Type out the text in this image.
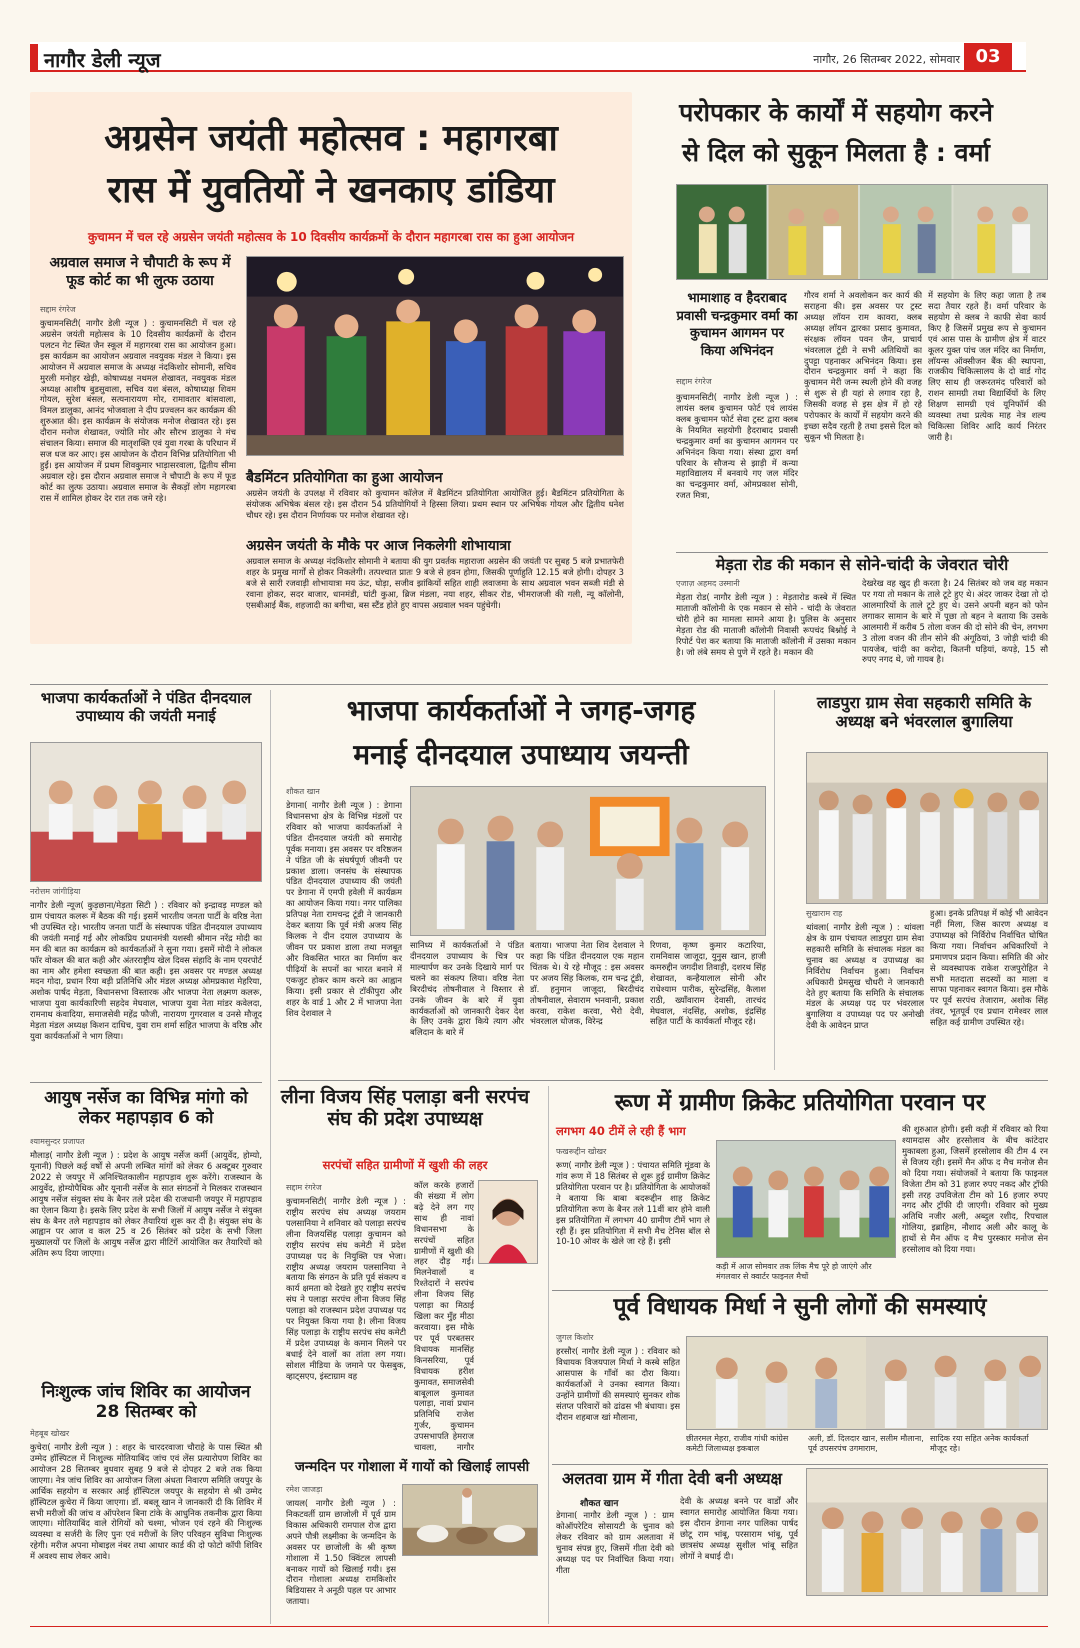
नागौर डेली न्यूज	नागौर, 26 सितम्बर 2022, सोमवार 03
अग्रसेन जयंती महोत्सव : महागरबा
रास में युवतियों ने खनकाए डांडिया
कुचामन में चल रहे अग्रसेन जयंती महोत्सव के 10 दिवसीय कार्यक्रमों के दौरान महागरबा रास का हुआ आयोजन
अग्रवाल समाज ने चौपाटी के रूप में फूड कोर्ट का भी लुत्फ उठाया
सद्दाम रंगरेज
कुचामनसिटी( नागौर डेली न्यूज ) : कुचामनसिटी में चल रहे अग्रसेन जयंती महोत्सव के 10 दिवसीय कार्यक्रमों के दौरान पलटन गेट स्थित जैन स्कूल में महागरबा रास का आयोजन हुआ। इस कार्यक्रम का आयोजन अग्रवाल नवयुवक मंडल ने किया। इस आयोजन में अग्रवाल समाज के अध्यक्ष नंदकिशोर सोमानी, सचिव मुरली मनोहर खेड़ी, कोषाध्यक्ष नथमल शेखावत, नवयुवक मंडल अध्यक्ष आशीष बुडसुवाला, सचिव यश बंसल, कोषाध्यक्ष शिवम गोयल, सुरेश बंसल, सत्यनारायण मोर, रामावतार बांसवाला, विमल डालुका, आनंद भोजवाला ने दीप प्रज्वलन कर कार्यक्रम की शुरुआत की। इस कार्यक्रम के संयोजक मनोज शेखावत रहे। इस दौरान मनोज शेखावत, ज्योति मोर और सौरभ डालुका ने मंच संचालन किया। समाज की मातृशक्ति एवं युवा गरबा के परिधान में सज धज कर आए। इस आयोजन के दौरान विभिन्न प्रतियोगिता भी हुईं। इस आयोजन में प्रथम शिवकुमार भाड़ासरवाला, द्वितीय सीमा अग्रवाल रहे। इस दौरान अग्रवाल समाज ने चौपाटी के रूप में फूड कोर्ट का लुत्फ उठाया। अग्रवाल समाज के सैकड़ों लोग महागरबा रास में शामिल होकर देर रात तक जमे रहे।
बैडमिंटन प्रतियोगिता का हुआ आयोजन
अग्रसेन जयंती के उपलक्ष में रविवार को कुचामन कॉलेज में बैडमिंटन प्रतियोगिता आयोजित हुई। बैडमिंटन प्रतियोगिता के संयोजक अभिषेक बंसल रहे। इस दौरान 54 प्रतियोगियों ने हिस्सा लिया। प्रथम स्थान पर अभिषेक गोयल और द्वितीय धनेश चौधर रहे। इस दौरान निर्णायक पर मनोज शेखावत रहे।
अग्रसेन जयंती के मौके पर आज निकलेगी शोभायात्रा
अग्रवाल समाज के अध्यक्ष नंदकिशोर सोमानी ने बताया की युग प्रवर्तक महाराजा अग्रसेन की जयंती पर सुबह 5 बजे प्रभातफेरी शहर के प्रमुख मार्गों से होकर निकलेगी। तत्पश्चात प्रातः 9 बजे से हवन होगा, जिसकी पूर्णाहुति 12.15 बजे होगी। दोपहर 3 बजे से सारी रजवाड़ी शोभायात्रा मय ऊंट, घोड़ा, सजीव झांकियों सहित शाही लवाजमा के साथ अग्रवाल भवन सब्जी मंडी से रवाना होकर, सदर बाजार, धानमंडी, घांटी कुआ, ब्रिज मंडला, नया शहर, सीकर रोड, भीमराजजी की गली, न्यू कॉलोनी, एसबीआई बैंक, शहजादी का बगीचा, बस स्टैंड होते हुए वापस अग्रवाल भवन पहुंचेगी।
परोपकार के कार्यों में सहयोग करने
से दिल को सुकून मिलता है : वर्मा
भामाशाह व हैदराबाद प्रवासी चन्द्रकुमार वर्मा का कुचामन आगमन पर किया अभिनंदन
सद्दाम रंगरेज
कुचामनसिटी( नागौर डेली न्यूज ) : लायंस क्लब कुचामन फोर्ट एवं लायंस क्लब कुचामन फोर्ट सेवा ट्रस्ट द्वारा क्लब के नियमित सहयोगी हैदराबाद प्रवासी चन्द्रकुमार वर्मा का कुचामन आगमन पर अभिनंदन किया गया। संस्था द्वारा वर्मा परिवार के सौजन्य से झाड़ी में कन्या महाविद्यालय में बनवाये गए जल मंदिर का चन्द्रकुमार वर्मा, ओमप्रकाश सोनी, रजत मित्रा,
गौरव शर्मा ने अवलोकन कर कार्य की सराहना की। इस अवसर पर ट्रस्ट अध्यक्ष लॉयन राम कावरा, क्लब अध्यक्ष लॉयन द्वारका प्रसाद कुमावत, संरक्षक लॉयन पवन जैन, प्राचार्य भंवरलाल टूंडी ने सभी अतिथियों का दुपट्टा पहनाकर अभिनंदन किया। इस दौरान चन्द्रकुमार वर्मा ने कहा कि कुचामन मेरी जन्म स्थली होने की वजह से शुरू से ही यहां से लगाव रहा है, जिसकी वजह से इस क्षेत्र में हो रहे परोपकार के कार्यों में सहयोग करने की इच्छा सदैव रहती है तथा इससे दिल को सुकून भी मिलता है।
में सहयोग के लिए कहा जाता है तब सदा तैयार रहते हैं। वर्मा परिवार के सहयोग से क्लब ने काफी सेवा कार्य किए है जिसमें प्रमुख रूप से कुचामन एवं आस पास के ग्रामीण क्षेत्र में वाटर कूलर युक्त पांच जल मंदिर का निर्माण, लॉयन्स ऑक्सीजन बैंक की स्थापना, राजकीय चिकित्सालय के दो वार्ड गोद लिए साथ ही जरूरतमंद परिवारों को राशन सामग्री तथा विद्यार्थियों के लिए शिक्षण सामग्री एवं यूनिफॉर्म की व्यवस्था तथा प्रत्येक माह नेत्र शल्य चिकित्सा शिविर आदि कार्य निरंतर जारी है।
मेड़ता रोड की मकान से सोने-चांदी के जेवरात चोरी
एजाज़ अहमद उस्मानी
मेड़ता रोड( नागौर डेली न्यूज ) : मेड़तारोड कस्बे में स्थित माताजी कॉलोनी के एक मकान से सोने - चांदी के जेवरात चोरी होने का मामला सामने आया है। पुलिस के अनुसार मेड़ता रोड की माताजी कॉलोनी निवासी रूपचंद बिश्नोई ने रिपोर्ट पेश कर बताया कि माताजी कॉलोनी में उसका मकान है। जो लंबे समय से पुणे में रहते है। मकान की
देखरेख वह खुद ही करता है। 24 सितंबर को जब वह मकान पर गया तो मकान के ताले टूटे हुए थे। अंदर जाकर देखा तो दो आलमारियों के ताले टूटे हुए थे। उसने अपनी बहन को फोन लगाकर सामान के बारे में पूछा तो बहन ने बताया कि उसके आलमारी में करीब 5 तोला वजन की दो सोने की चेन, लगभग 3 तोला वजन की तीन सोने की अंगूठियां, 3 जोड़ी चांदी की पायजेब, चांदी का करोदा, कितनी घड़ियां, कपड़े, 15 सौ रुपए नगद थे, जो गायब है।
भाजपा कार्यकर्ताओं ने पंडित दीनदयाल उपाध्याय की जयंती मनाई
नरोत्तम जांगीड़िया
नागौर डेली न्यूज( कुड़छाना/मेड़ता सिटी ) : रविवार को इन्द्रावड़ मण्डल को ग्राम पंचायत कलरू में बैठक की गई। इसमें भारतीय जनता पार्टी के वरिष्ठ नेता भी उपस्थित रहे। भारतीय जनता पार्टी के संस्थापक पंडित दीनदयाल उपाध्याय की जयंती मनाई गई और लोकप्रिय प्रधानमंत्री यशस्वी श्रीमान नरेंद्र मोदी का मन की बात का कार्यक्रम को कार्यकर्ताओं ने सुना गया। इसमें मोदी ने लोकल फॉर वोकल की बात कही और अंतरराष्ट्रीय खेल दिवस संहादि के नाम एयरपोर्ट का नाम और हमेशा स्वच्छता की बात कही। इस अवसर पर मण्डल अध्यक्ष मदन गोदा, प्रधान रिया बड़ी प्रतिनिधि और मंडल अध्यक्ष ओमप्रकाश मेहरिया, अशोक पार्षद मेड़ता, विधानसभा विस्तारक और भाजपा नेता लक्ष्मण कलरू, भाजपा युवा कार्यकारिणी सहदेव मेघवाल, भाजपा युवा नेता मांडर कवेलदा, रामनाथ कंवादिया, समाजसेवी महेंद्र फौजी, नारायण गुगरवाल व उनसे मौजूद मेड़ता मंडल अध्यक्ष किशन दाधिच, युवा राम शर्मा सहित भाजपा के वरिष्ठ और युवा कार्यकर्ताओं ने भाग लिया।
भाजपा कार्यकर्ताओं ने जगह-जगह
मनाई दीनदयाल उपाध्याय जयन्ती
शौकत खान
डेगाना( नागौर डेली न्यूज ) : डेगाना विधानसभा क्षेत्र के विभिन्न मंडलों पर रविवार को भाजपा कार्यकर्ताओं ने पंडित दीनदयाल जयंती को समारोह पूर्वक मनाया। इस अवसर पर वरिष्ठजन ने पंडित जी के संघर्षपूर्ण जीवनी पर प्रकाश डाला। जनसंघ के संस्थापक पंडित दीनदयाल उपाध्याय की जयंती पर डेगाना में एमपी हवेली में कार्यक्रम का आयोजन किया गया। नगर पालिका प्रतिपक्ष नेता रामचन्द्र टूंडी ने जानकारी देकर बताया कि पूर्व मंत्री अजय सिंह किलक ने दीन दयाल उपाध्याय के जीवन पर प्रकाश डाला तथा मजबूत और विकसित भारत का निर्माण कर पीढ़ियों के सपनों का भारत बनाने में एकजुट होकर काम करने का आह्वान किया। इसी प्रकार से टॉकीपुरा और शहर के वार्ड 1 और 2 में भाजपा नेता शिव देशवाल ने
सानिध्य में कार्यकर्ताओं ने पंडित दीनदयाल उपाध्याय के चित्र पर माल्यार्पण कर उनके दिखाये मार्ग पर चलने का संकल्प लिया। वरिष्ठ नेता बिरदीचंद तोषनीवाल ने विस्तार से उनके जीवन के बारे में युवा कार्यकर्ताओं को जानकारी देकर देश के लिए उनके द्वारा किये त्याग और बलिदान के बारे में
बताया। भाजपा नेता शिव देशवाल ने कहा कि पंडित दीनदयाल एक महान चिंतक थे। ये रहे मौजूद : इस अवसर पर अजय सिंह किलक, राम चन्द्र टूंडी, डॉ. हनुमान जाजूदा, बिरदीचंद तोषनीवाल, सेवाराम भनवानी, प्रकाश करवा, राकेश करवा, भैरो देवी, भंवरलाल धोजक, विरेन्द्र
रिणवा, कृष्ण कुमार कटारिया, रामनिवास जाजूदा, युनुस खान, हाजी कमरुद्दीन जगदीश तिवाड़ी, दशरथ सिंह शेखावत, कन्हैयालाल सोनी और राधेश्याम पारीक, सुरेन्द्रसिंह, कैलाश राठी, ख्याँवाराम देवासी, तारचंद मेघवाल, नंदसिंह, अशोक, इंद्रसिंह सहित पार्टी के कार्यकर्ता मौजूद रहे।
लाडपुरा ग्राम सेवा सहकारी समिति के अध्यक्ष बने भंवरलाल बुगालिया
सुखाराम राह
थांवला( नागौर डेली न्यूज ) : थांवला क्षेत्र के ग्राम पंचायत लाडपुरा ग्राम सेवा सहकारी समिति के संचालक मंडल का चुनाव का अध्यक्ष व उपाध्यक्ष का निर्विरोध निर्वाचन हुआ। निर्वाचन अधिकारी प्रेमसुख चौधरी ने जानकारी देते हुए बताया कि समिति के संचालक मंडल के अध्यक्ष पद पर भंवरलाल बुगालिया व उपाध्यक्ष पद पर अनोखी देवी के आवेदन प्राप्त
हुआ। इनके प्रतिपक्ष में कोई भी आवेदन नहीं मिला, जिस कारण अध्यक्ष व उपाध्यक्ष को निर्विरोध निर्वाचित घोषित किया गया। निर्वाचन अधिकारियों ने प्रमाणपत्र प्रदान किया। समिति की ओर से व्यवस्थापक राकेश राजपुरोहित ने सभी मतदाता सदस्यों का माला व साफा पहनाकर स्वागत किया। इस मौके पर पूर्व सरपंच तेजाराम, अशोक सिंह तंवर, भूतपूर्व एव प्रधान रामेश्वर लाल सहित कई ग्रामीण उपस्थित रहे।
आयुष नर्सेज का विभिन्न मांगो को लेकर महापड़ाव 6 को
श्यामसुन्दर प्रजापत
मौलाड़( नागौर डेली न्यूज ) : प्रदेश के आयुष नर्सेज कर्मी (आयुर्वेद, होम्यो, यूनानी) पिछले कई वर्षों से अपनी लम्बित मांगों को लेकर 6 अक्टूबर गुरुवार 2022 से जयपुर में अनिश्चितकालीन महापड़ाव शुरू करेंगे। राजस्थान के आयुर्वेद, होम्योपैथिक और यूनानी नर्सेज के सात संगठनों ने मिलकर राजस्थान आयुष नर्सेज संयुक्त संघ के बैनर तले प्रदेश की राजधानी जयपुर में महापड़ाव का ऐलान किया है। इसके लिए प्रदेश के सभी जिलों में आयुष नर्सेज ने संयुक्त संघ के बैनर तले महापड़ाव को लेकर तैयारियां शुरू कर दी है। संयुक्त संघ के आह्वान पर आज व कल 25 व 26 सितंबर को प्रदेश के सभी जिला मुख्यालयों पर जिलों के आयुष नर्सेज द्वारा मीटिंगें आयोजित कर तैयारियों को अंतिम रूप दिया जाएगा।
निःशुल्क जांच शिविर का आयोजन 28 सितम्बर को
मेहबूब खोखर
कुचेरा( नागौर डेली न्यूज ) : शहर के चारदरवाजा चौराहे के पास स्थित श्री उम्मेद हॉस्पिटल में निःशुल्क मोतियाबिंद जांच एवं लेंस प्रत्यारोपण शिविर का आयोजन 28 सितम्बर बुधवार सुबह 9 बजे से दोपहर 2 बजे तक किया जाएगा। नेत्र जांच शिविर का आयोजन जिला अंधता निवारण समिति जयपुर के आर्थिक सहयोग व सरकार आई हॉस्पिटल जयपुर के सहयोग से श्री उम्मेद हॉस्पिटल कुचेरा में किया जाएगा। डॉ. बबलू खान ने जानकारी दी कि शिविर में सभी मरीजों की जांच व ऑपरेशन बिना टांके के आधुनिक तकनीक द्वारा किया जाएगा। मोतियाबिंद वाले रोगियों को चश्मा, भोजन एवं रहने की निःशुल्क व्यवस्था व सर्जरी के लिए पुनः एवं मरीजों के लिए परिवहन सुविधा निःशुल्क रहेगी। मरीज अपना मोबाइल नंबर तथा आधार कार्ड की दो फोटो कॉपी शिविर में अवश्य साथ लेकर आवे।
लीना विजय सिंह पलाड़ा बनी सरपंच संघ की प्रदेश उपाध्यक्ष
सरपंचों सहित ग्रामीणों में खुशी की लहर
सद्दाम रंगरेज
कुचामनसिटी( नागौर डेली न्यूज ) : राष्ट्रीय सरपंच संघ अध्यक्ष जयराम पलसानिया ने शनिवार को पलाड़ा सरपंच लीना विजयसिंह पलाड़ा कुचामन को राष्ट्रीय सरपंच संघ कमेटी में प्रदेश उपाध्यक्ष पद के नियुक्ति पत्र भेजा। राष्ट्रीय अध्यक्ष जयराम पलसानिया ने बताया कि संगठन के प्रति पूर्व संकल्प व कार्य क्षमता को देखते हुए राष्ट्रीय सरपंच संघ ने पलाड़ा सरपंच लीना विजय सिंह पलाड़ा को राजस्थान प्रदेश उपाध्यक्ष पद पर नियुक्त किया गया है। लीना विजय सिंह पलाड़ा के राष्ट्रीय सरपंच संघ कमेटी में प्रदेश उपाध्यक्ष के कमान मिलने पर बधाई देने वालों का तांता लग गया। सोशल मीडिया के जमाने पर फेसबुक, व्हाट्सएप, इंस्टाग्राम वह
कॉल करके हजारों की संख्या में लोग बढ़े देने लग गए साथ ही नावां विधानसभा के सरपंचों सहित ग्रामीणों में खुशी की लहर दौड़ गई। मिलनेवालों व रिश्तेदारों ने सरपंच लीना विजय सिंह पलाड़ा का मिठाई खिला कर मुँह मीठा करवाया। इस मौके पर पूर्व परबतसर विधायक मानसिंह किनसरिया, पूर्व विधायक हरीश कुमावत, समाजसेवी बाबूलाल कुमावत पलाड़ा, नावां प्रधान प्रतिनिधि राजेश गुर्जर, कुचामन उपसभापति हेमराज चावला, नागौर
जन्मदिन पर गोशाला में गायों को खिलाई लापसी
रमेश जाजड़ा
जायल( नागौर डेली न्यूज ) : निकटवर्ती ग्राम छाजोली में पूर्व ग्राम विकास अधिकारी रामपाल रोज द्वारा अपने पौत्री लक्ष्मीका के जन्मदिन के अवसर पर छाजोली के श्री कृष्ण गोशाला में 1.50 क्विंटल लापसी बनाकर गायों को खिलाई गयी। इस दौरान गोशाला अध्यक्ष रामकिशोर बिडियासर ने अनूठी पहल पर आभार जताया।
रूण में ग्रामीण क्रिकेट प्रतियोगिता परवान पर
लगभग 40 टीमें ले रही हैं भाग
फखरूद्दीन खोखर
रूण( नागौर डेली न्यूज ) : पंचायत समिति मूंडवा के गांव रूण में 18 सितंबर से शुरू हुई ग्रामीण क्रिकेट प्रतियोगिता परवान पर है। प्रतियोगिता के आयोजकों ने बताया कि बाबा बदरूद्दीन शाह क्रिकेट प्रतियोगिता रूण के बैनर तले 11वीं बार होने वाली इस प्रतियोगिता में लगभग 40 ग्रामीण टीमें भाग ले रही हैं। इस प्रतियोगिता में सभी मैच टेनिस बॉल से 10-10 ओवर के खेले जा रहे हैं। इसी
कड़ी में आज सोमवार तक लिंक मैच पूरे हो जाएंगे और मंगलवार से क्वार्टर फाइनल मैचों
की शुरुआत होगी। इसी कड़ी में रविवार को रिया श्यामदास और हरसोलाव के बीच कांटेदार मुकाबला हुआ, जिसमें हरसोलाव की टीम 4 रन से विजय रही। इसमें मैन ऑफ द मैच मनोज सैन को दिया गया। संयोजकों ने बताया कि फाइनल विजेता टीम को 31 हजार रुपए नकद और ट्रॉफी इसी तरह उपविजेता टीम को 16 हजार रुपए नगद और ट्रॉफी दी जाएगी। रविवार को मुख्य अतिथि नजीर अली, अब्दुल रशीद, रिपचाल गोलिया, इब्राहिम, नौशाद अली और कालू के हाथों से मैन ऑफ द मैच पुरस्कार मनोज सेन हरसोलाव को दिया गया।
पूर्व विधायक मिर्धा ने सुनी लोगों की समस्याएं
जुगल किशोर
हरसौर( नागौर डेली न्यूज ) : रविवार को विधायक विजयपाल मिर्धा ने कस्बे सहित आसपास के गाँवों का दौरा किया। कार्यकर्ताओं ने उनका स्वागत किया। उन्होंने ग्रामीणों की समस्याएं सुनकर शोक संतप्त परिवारों को ढांढस भी बंधाया। इस दौरान शहबाज खां मौलाना,
छीतरमल मेहरा, राजीव गांधी कांग्रेस कमेटी जिलाध्यक्ष इकबाल
अली, डॉ. दिलदार खान, सलीम मौलाना, पूर्व उपसरपंच उगमाराम,
सादिक रया सहित अनेक कार्यकर्ता मौजूद रहे।
अलतवा ग्राम में गीता देवी बनी अध्यक्ष
शौकत खान
डेगाना( नागौर डेली न्यूज ) : ग्राम कोऑपरेटिव सोसायटी के चुनाव को लेकर रविवार को ग्राम अलतावा में चुनाव संपन्न हुए, जिसमें गीता देवी को अध्यक्ष पद पर निर्वाचित किया गया। गीता
देवी के अध्यक्ष बनने पर वार्डों और स्वागत समारोह आयोजित किया गया। इस दौरान डेगाना नगर पालिका पार्षद छोटू राम भांबू, परसाराम भांबू, पूर्व छात्रसंघ अध्यक्ष सुशील भांबू सहित लोगों ने बधाई दी।
